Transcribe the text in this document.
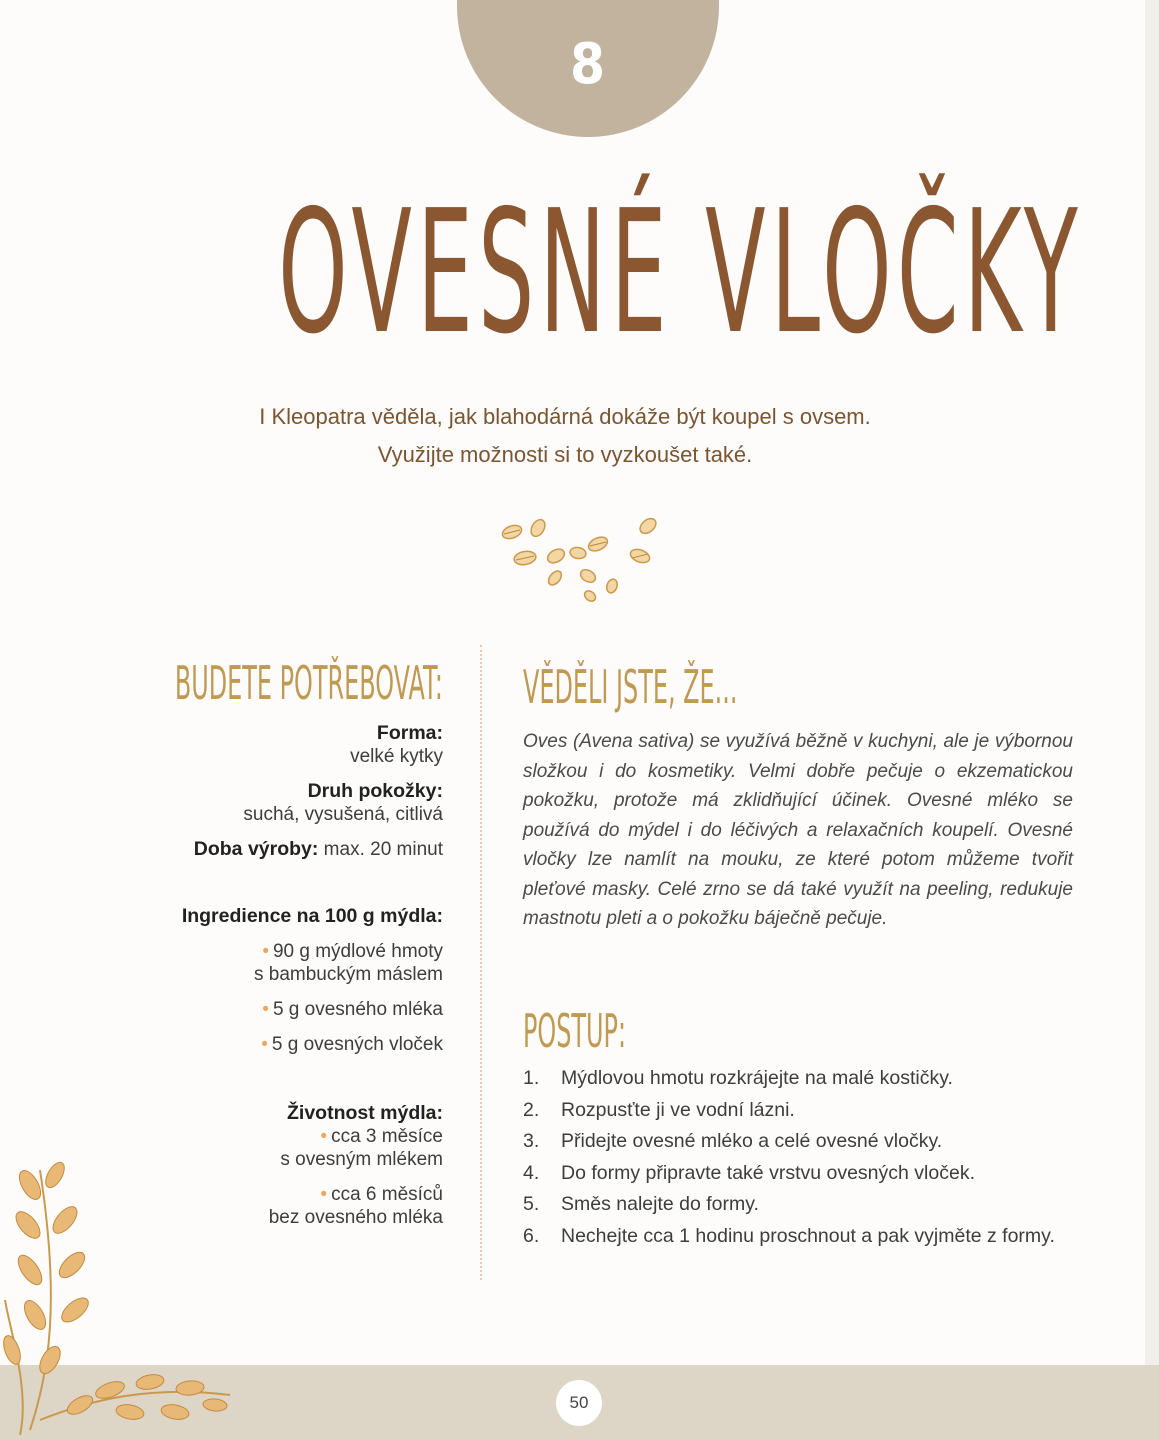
8
OVESNÉ VLOČKY
I Kleopatra věděla, jak blahodárná dokáže být koupel s ovsem.
Využijte možnosti si to vyzkoušet také.
BUDETE POTŘEBOVAT:
Forma:
velké kytky
Druh pokožky:
suchá, vysušená, citlivá
Doba výroby: max. 20 minut
Ingredience na 100 g mýdla:
• 90 g mýdlové hmoty
s bambuckým máslem
• 5 g ovesného mléka
• 5 g ovesných vloček
Životnost mýdla:
• cca 3 měsíce
s ovesným mlékem
• cca 6 měsíců
bez ovesného mléka
VĚDĚLI JSTE, ŽE...
Oves (Avena sativa) se využívá běžně v kuchyni, ale je výbornou složkou i do kosmetiky. Velmi dobře pečuje o ekzematickou pokožku, protože má zklidňující účinek. Ovesné mléko se používá do mýdel i do léčivých a relaxačních koupelí. Ovesné vločky lze namlít na mouku, ze které potom můžeme tvořit pleťové masky. Celé zrno se dá také využít na peeling, redukuje mastnotu pleti a o pokožku báječně pečuje.
POSTUP:
1.	Mýdlovou hmotu rozkrájejte na malé kostičky.
2.	Rozpusťte ji ve vodní lázni.
3.	Přidejte ovesné mléko a celé ovesné vločky.
4.	Do formy připravte také vrstvu ovesných vloček.
5.	Směs nalejte do formy.
6.	Nechejte cca 1 hodinu proschnout a pak vyjměte z formy.
50
